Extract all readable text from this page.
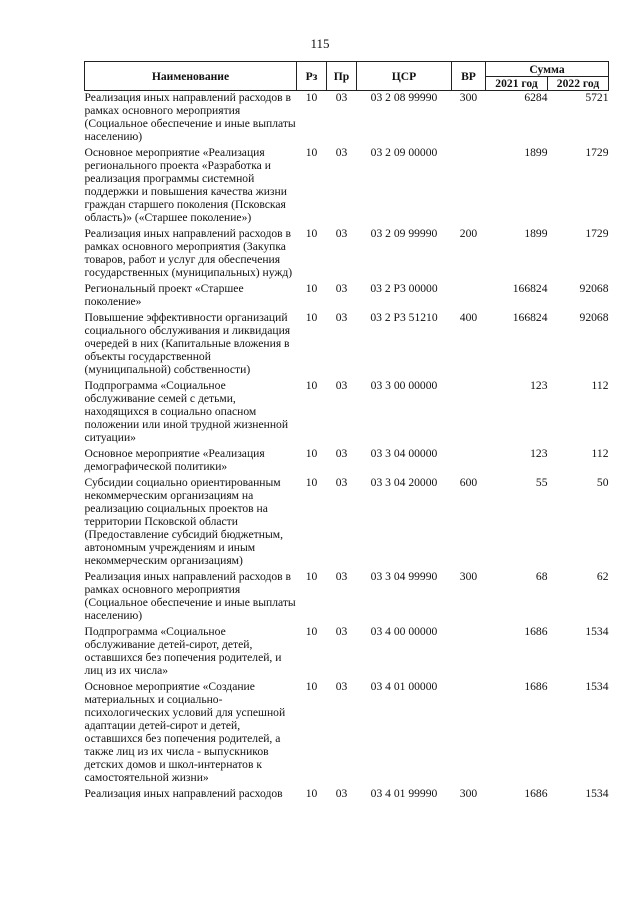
115
Наименование	Рз	Пр	ЦСР	ВР	Сумма	
					2021 год	2022 год
Реализация иных направлений расходов в рамках основного мероприятия (Социальное обеспечение и иные выплаты населению)	10	03	03 2 08 99990	300	6284	5721
Основное мероприятие «Реализация регионального проекта «Разработка и реализация программы системной поддержки и повышения качества жизни граждан старшего поколения (Псковская область)» («Старшее поколение»)	10	03	03 2 09 00000		1899	1729
Реализация иных направлений расходов в рамках основного мероприятия (Закупка товаров, работ и услуг для обеспечения государственных (муниципальных) нужд)	10	03	03 2 09 99990	200	1899	1729
Региональный проект «Старшее поколение»	10	03	03 2 P3 00000		166824	92068
Повышение эффективности организаций социального обслуживания и ликвидация очередей в них (Капитальные вложения в объекты государственной (муниципальной) собственности)	10	03	03 2 P3 51210	400	166824	92068
Подпрограмма «Социальное обслуживание семей с детьми, находящихся в социально опасном положении или иной трудной жизненной ситуации»	10	03	03 3 00 00000		123	112
Основное мероприятие «Реализация демографической политики»	10	03	03 3 04 00000		123	112
Субсидии социально ориентированным некоммерческим организациям на реализацию социальных проектов на территории Псковской области (Предоставление субсидий бюджетным, автономным учреждениям и иным некоммерческим организациям)	10	03	03 3 04 20000	600	55	50
Реализация иных направлений расходов в рамках основного мероприятия (Социальное обеспечение и иные выплаты населению)	10	03	03 3 04 99990	300	68	62
Подпрограмма «Социальное обслуживание детей-сирот, детей, оставшихся без попечения родителей, и лиц из их числа»	10	03	03 4 00 00000		1686	1534
Основное мероприятие «Создание материальных и социально-психологических условий для успешной адаптации детей-сирот и детей, оставшихся без попечения родителей, а также лиц из их числа - выпускников детских домов и школ-интернатов к самостоятельной жизни»	10	03	03 4 01 00000		1686	1534
Реализация иных направлений расходов	10	03	03 4 01 99990	300	1686	1534
